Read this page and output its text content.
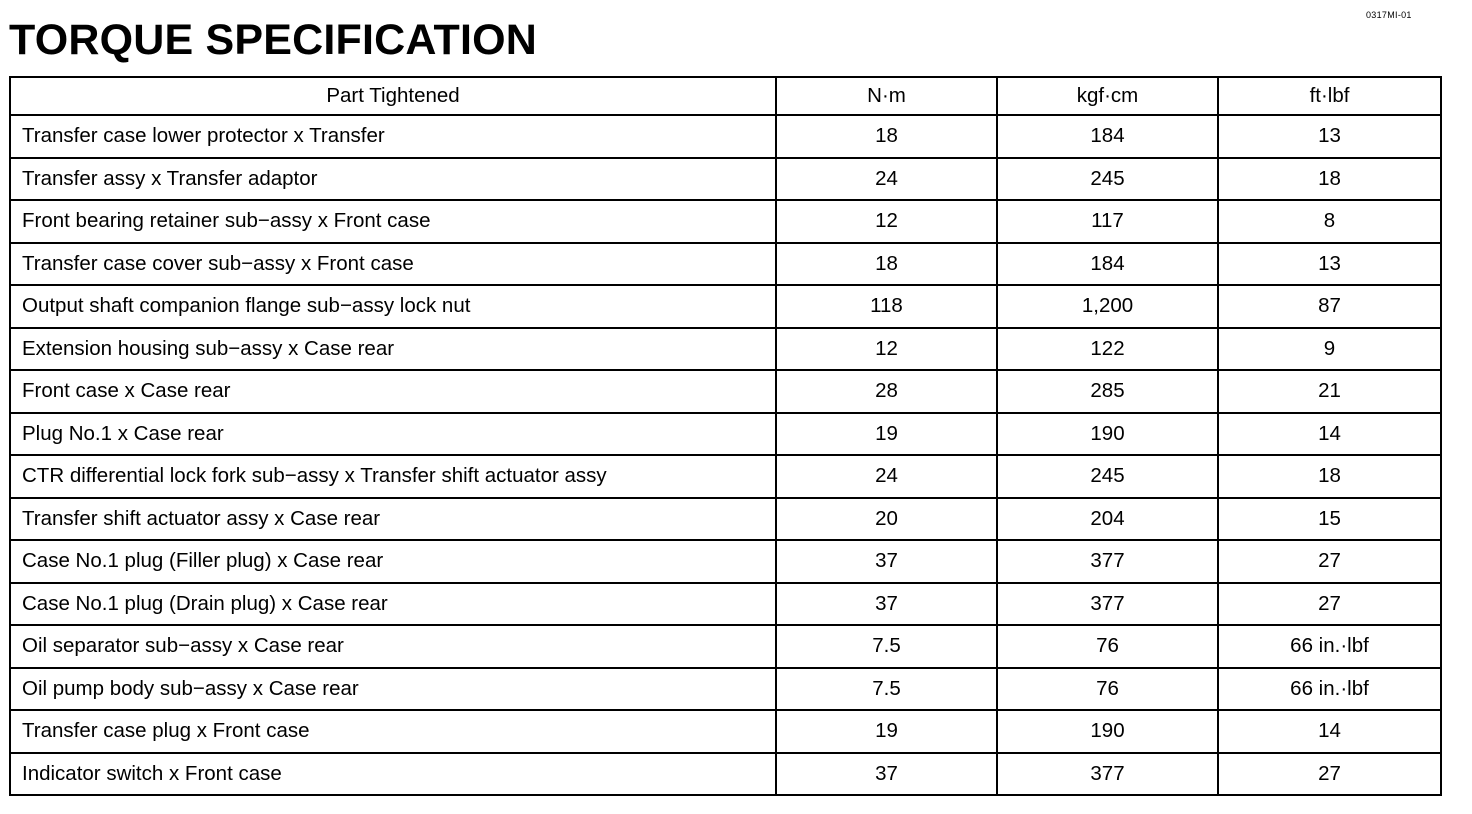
0317MI-01
TORQUE SPECIFICATION
Part Tightened	N·m	kgf·cm	ft·lbf
Transfer case lower protector x Transfer	18	184	13
Transfer assy x Transfer adaptor	24	245	18
Front bearing retainer sub−assy x Front case	12	117	8
Transfer case cover sub−assy x Front case	18	184	13
Output shaft companion flange sub−assy lock nut	118	1,200	87
Extension housing sub−assy x Case rear	12	122	9
Front case x Case rear	28	285	21
Plug No.1 x Case rear	19	190	14
CTR differential lock fork sub−assy x Transfer shift actuator assy	24	245	18
Transfer shift actuator assy x Case rear	20	204	15
Case No.1 plug (Filler plug) x Case rear	37	377	27
Case No.1 plug (Drain plug) x Case rear	37	377	27
Oil separator sub−assy x Case rear	7.5	76	66 in.·lbf
Oil pump body sub−assy x Case rear	7.5	76	66 in.·lbf
Transfer case plug x Front case	19	190	14
Indicator switch x Front case	37	377	27
